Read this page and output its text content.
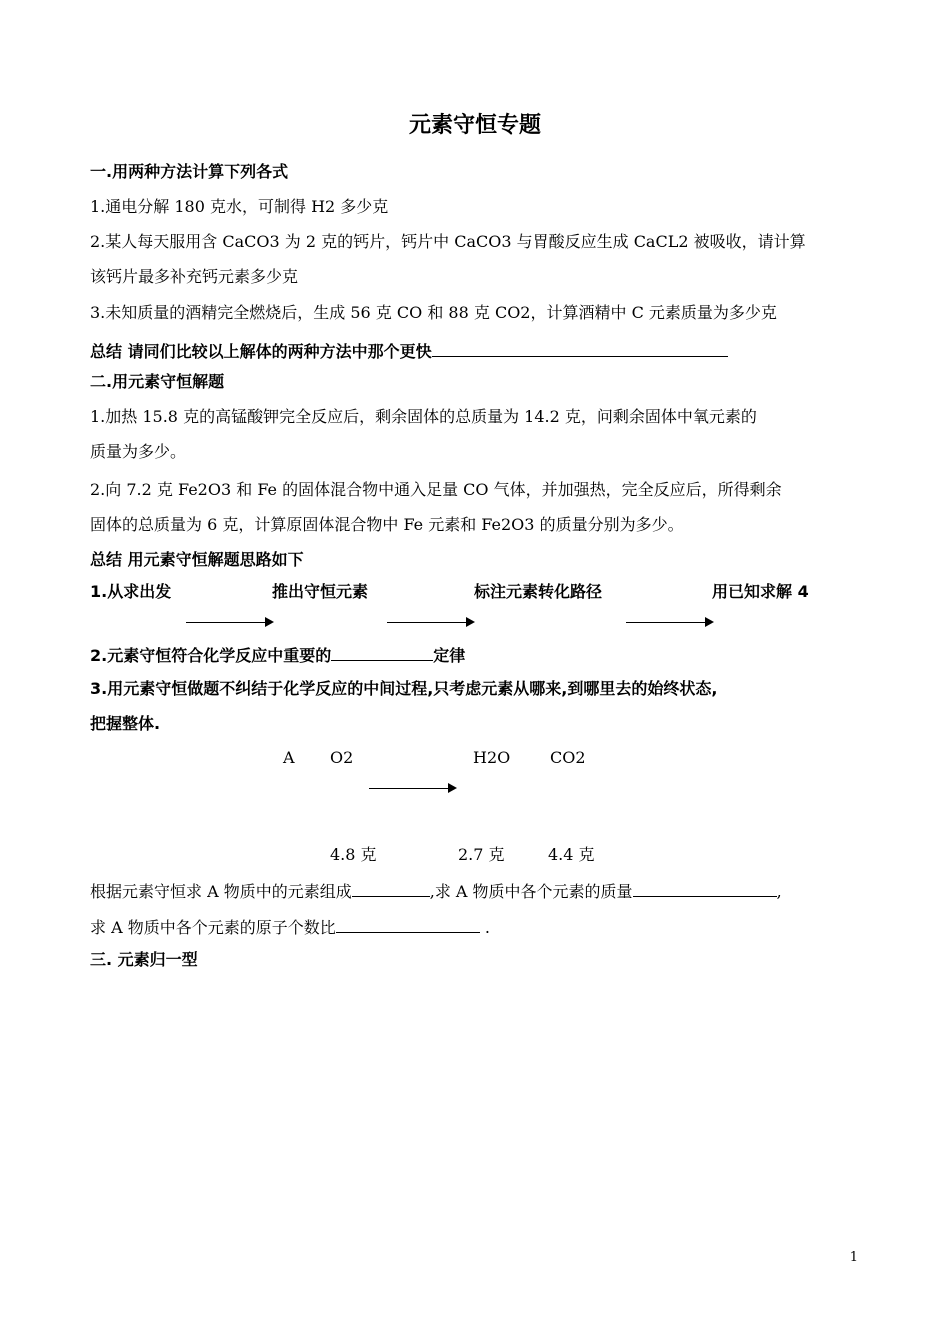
元素守恒专题
一.用两种方法计算下列各式
1.通电分解 180 克水，可制得 H2 多少克
2.某人每天服用含 CaCO3 为 2 克的钙片，钙片中 CaCO3 与胃酸反应生成 CaCL2 被吸收，请计算
该钙片最多补充钙元素多少克
3.未知质量的酒精完全燃烧后，生成 56 克 CO 和 88 克 CO2，计算酒精中 C 元素质量为多少克
总结 请同们比较以上解体的两种方法中那个更快
二.用元素守恒解题
1.加热 15.8 克的高锰酸钾完全反应后，剩余固体的总质量为 14.2 克，问剩余固体中氧元素的
质量为多少。
2.向 7.2 克 Fe2O3 和 Fe 的固体混合物中通入足量 CO 气体，并加强热，完全反应后，所得剩余
固体的总质量为 6 克，计算原固体混合物中 Fe 元素和 Fe2O3 的质量分别为多少。
总结 用元素守恒解题思路如下
1.从求出发	推出守恒元素	标注元素转化路径	用已知求解 4
2.元素守恒符合化学反应中重要的	定律
3.用元素守恒做题不纠结于化学反应的中间过程,只考虑元素从哪来,到哪里去的始终状态,
把握整体.
A O2	H2O CO2
4.8 克	2.7 克	4.4 克
根据元素守恒求 A 物质中的元素组成	,求 A 物质中各个元素的质量	,
求 A 物质中各个元素的原子个数比	.
三. 元素归一型
1
